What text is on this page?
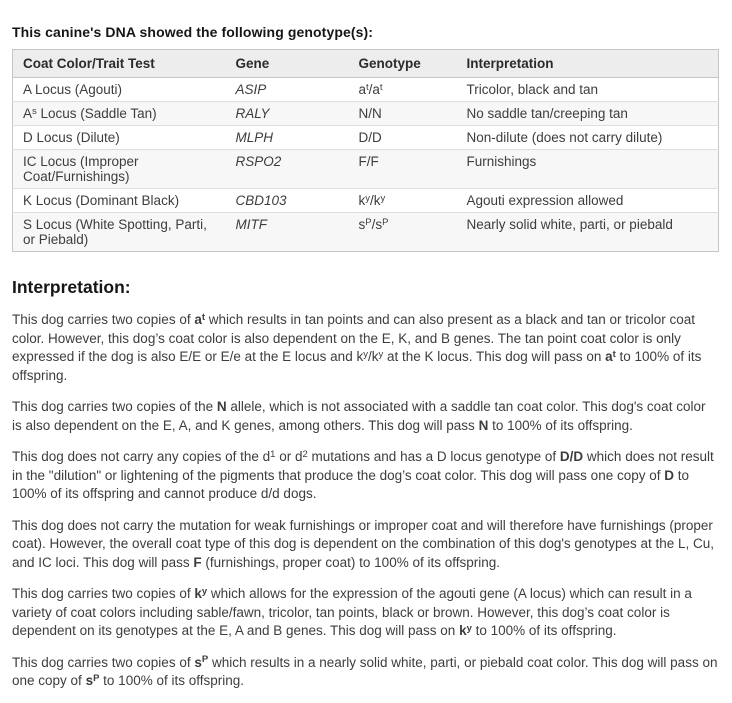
This canine's DNA showed the following genotype(s):
Coat Color/Trait Test	Gene	Genotype	Interpretation
A Locus (Agouti)	ASIP	$a^t/a^t$	Tricolor, black and tan
$A^s$ Locus (Saddle Tan)	RALY	N/N	No saddle tan/creeping tan
D Locus (Dilute)	MLPH	D/D	Non-dilute (does not carry dilute)
IC Locus (Improper Coat/Furnishings)	RSPO2	F/F	Furnishings
K Locus (Dominant Black)	CBD103	$k^y/k^y$	Agouti expression allowed
S Locus (White Spotting, Parti, or Piebald)	MITF	$s^P/s^P$	Nearly solid white, parti, or piebald
Interpretation:

This dog carries two copies of $a^t$ which results in tan points and can also present as a black and tan or tricolor coat color. However, this dog’s coat color is also dependent on the E, K, and B genes. The tan point coat color is only expressed if the dog is also E/E or E/e at the E locus and $k^y/k^y$ at the K locus. This dog will pass on $a^t$ to 100% of its offspring.

This dog carries two copies of the N allele, which is not associated with a saddle tan coat color. This dog's coat color is also dependent on the E, A, and K genes, among others. This dog will pass N to 100% of its offspring.

This dog does not carry any copies of the $d^1$ or $d^2$ mutations and has a D locus genotype of D/D which does not result in the "dilution" or lightening of the pigments that produce the dog’s coat color. This dog will pass one copy of D to 100% of its offspring and cannot produce d/d dogs.

This dog does not carry the mutation for weak furnishings or improper coat and will therefore have furnishings (proper coat). However, the overall coat type of this dog is dependent on the combination of this dog's genotypes at the L, Cu, and IC loci. This dog will pass F (furnishings, proper coat) to 100% of its offspring.

This dog carries two copies of $k^y$ which allows for the expression of the agouti gene (A locus) which can result in a variety of coat colors including sable/fawn, tricolor, tan points, black or brown. However, this dog’s coat color is dependent on its genotypes at the E, A and B genes. This dog will pass on $k^y$ to 100% of its offspring.

This dog carries two copies of $s^P$ which results in a nearly solid white, parti, or piebald coat color. This dog will pass on one copy of $s^P$ to 100% of its offspring.
